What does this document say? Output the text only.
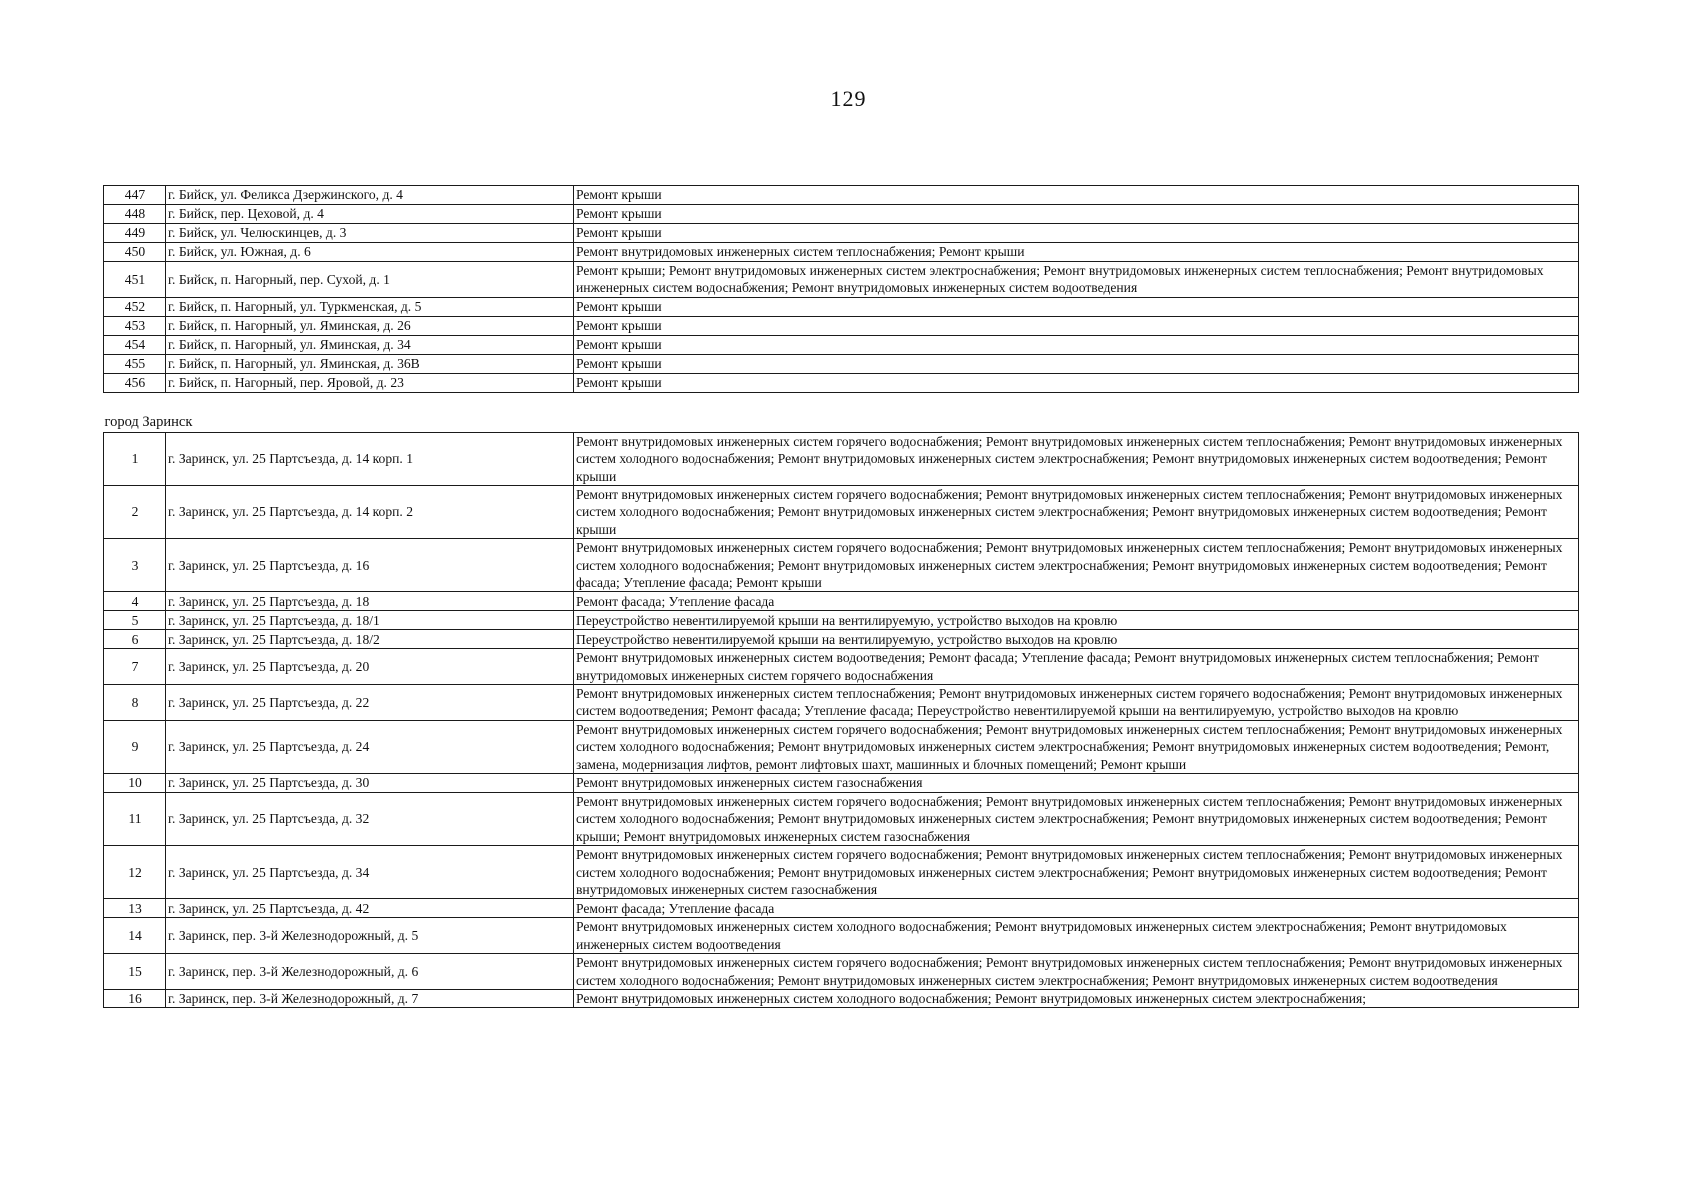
129
447	г. Бийск, ул. Феликса Дзержинского, д. 4	Ремонт крыши
448	г. Бийск, пер. Цеховой, д. 4	Ремонт крыши
449	г. Бийск, ул. Челюскинцев, д. 3	Ремонт крыши
450	г. Бийск, ул. Южная, д. 6	Ремонт внутридомовых инженерных систем теплоснабжения; Ремонт крыши
451	г. Бийск, п. Нагорный, пер. Сухой, д. 1	Ремонт крыши; Ремонт внутридомовых инженерных систем электроснабжения; Ремонт внутридомовых инженерных систем теплоснабжения; Ремонт внутридомовых инженерных систем водоснабжения; Ремонт внутридомовых инженерных систем водоотведения
452	г. Бийск, п. Нагорный, ул. Туркменская, д. 5	Ремонт крыши
453	г. Бийск, п. Нагорный, ул. Яминская, д. 26	Ремонт крыши
454	г. Бийск, п. Нагорный, ул. Яминская, д. 34	Ремонт крыши
455	г. Бийск, п. Нагорный, ул. Яминская, д. 36В	Ремонт крыши
456	г. Бийск, п. Нагорный, пер. Яровой, д. 23	Ремонт крыши
город Заринск		
1	г. Заринск, ул. 25 Партсъезда, д. 14 корп. 1	Ремонт внутридомовых инженерных систем горячего водоснабжения; Ремонт внутридомовых инженерных систем теплоснабжения; Ремонт внутридомовых инженерных систем холодного водоснабжения; Ремонт внутридомовых инженерных систем электроснабжения; Ремонт внутридомовых инженерных систем водоотведения; Ремонт крыши
2	г. Заринск, ул. 25 Партсъезда, д. 14 корп. 2	Ремонт внутридомовых инженерных систем горячего водоснабжения; Ремонт внутридомовых инженерных систем теплоснабжения; Ремонт внутридомовых инженерных систем холодного водоснабжения; Ремонт внутридомовых инженерных систем электроснабжения; Ремонт внутридомовых инженерных систем водоотведения; Ремонт крыши
3	г. Заринск, ул. 25 Партсъезда, д. 16	Ремонт внутридомовых инженерных систем горячего водоснабжения; Ремонт внутридомовых инженерных систем теплоснабжения; Ремонт внутридомовых инженерных систем холодного водоснабжения; Ремонт внутридомовых инженерных систем электроснабжения; Ремонт внутридомовых инженерных систем водоотведения; Ремонт фасада; Утепление фасада; Ремонт крыши
4	г. Заринск, ул. 25 Партсъезда, д. 18	Ремонт фасада; Утепление фасада
5	г. Заринск, ул. 25 Партсъезда, д. 18/1	Переустройство невентилируемой крыши на вентилируемую, устройство выходов на кровлю
6	г. Заринск, ул. 25 Партсъезда, д. 18/2	Переустройство невентилируемой крыши на вентилируемую, устройство выходов на кровлю
7	г. Заринск, ул. 25 Партсъезда, д. 20	Ремонт внутридомовых инженерных систем водоотведения; Ремонт фасада; Утепление фасада; Ремонт внутридомовых инженерных систем теплоснабжения; Ремонт внутридомовых инженерных систем горячего водоснабжения
8	г. Заринск, ул. 25 Партсъезда, д. 22	Ремонт внутридомовых инженерных систем теплоснабжения; Ремонт внутридомовых инженерных систем горячего водоснабжения; Ремонт внутридомовых инженерных систем водоотведения; Ремонт фасада; Утепление фасада; Переустройство невентилируемой крыши на вентилируемую, устройство выходов на кровлю
9	г. Заринск, ул. 25 Партсъезда, д. 24	Ремонт внутридомовых инженерных систем горячего водоснабжения; Ремонт внутридомовых инженерных систем теплоснабжения; Ремонт внутридомовых инженерных систем холодного водоснабжения; Ремонт внутридомовых инженерных систем электроснабжения; Ремонт внутридомовых инженерных систем водоотведения; Ремонт, замена, модернизация лифтов, ремонт лифтовых шахт, машинных и блочных помещений; Ремонт крыши
10	г. Заринск, ул. 25 Партсъезда, д. 30	Ремонт внутридомовых инженерных систем газоснабжения
11	г. Заринск, ул. 25 Партсъезда, д. 32	Ремонт внутридомовых инженерных систем горячего водоснабжения; Ремонт внутридомовых инженерных систем теплоснабжения; Ремонт внутридомовых инженерных систем холодного водоснабжения; Ремонт внутридомовых инженерных систем электроснабжения; Ремонт внутридомовых инженерных систем водоотведения; Ремонт крыши; Ремонт внутридомовых инженерных систем газоснабжения
12	г. Заринск, ул. 25 Партсъезда, д. 34	Ремонт внутридомовых инженерных систем горячего водоснабжения; Ремонт внутридомовых инженерных систем теплоснабжения; Ремонт внутридомовых инженерных систем холодного водоснабжения; Ремонт внутридомовых инженерных систем электроснабжения; Ремонт внутридомовых инженерных систем водоотведения; Ремонт внутридомовых инженерных систем газоснабжения
13	г. Заринск, ул. 25 Партсъезда, д. 42	Ремонт фасада; Утепление фасада
14	г. Заринск, пер. 3-й Железнодорожный, д. 5	Ремонт внутридомовых инженерных систем холодного водоснабжения; Ремонт внутридомовых инженерных систем электроснабжения; Ремонт внутридомовых инженерных систем водоотведения
15	г. Заринск, пер. 3-й Железнодорожный, д. 6	Ремонт внутридомовых инженерных систем горячего водоснабжения; Ремонт внутридомовых инженерных систем теплоснабжения; Ремонт внутридомовых инженерных систем холодного водоснабжения; Ремонт внутридомовых инженерных систем электроснабжения; Ремонт внутридомовых инженерных систем водоотведения
16	г. Заринск, пер. 3-й Железнодорожный, д. 7	Ремонт внутридомовых инженерных систем холодного водоснабжения; Ремонт внутридомовых инженерных систем электроснабжения;
